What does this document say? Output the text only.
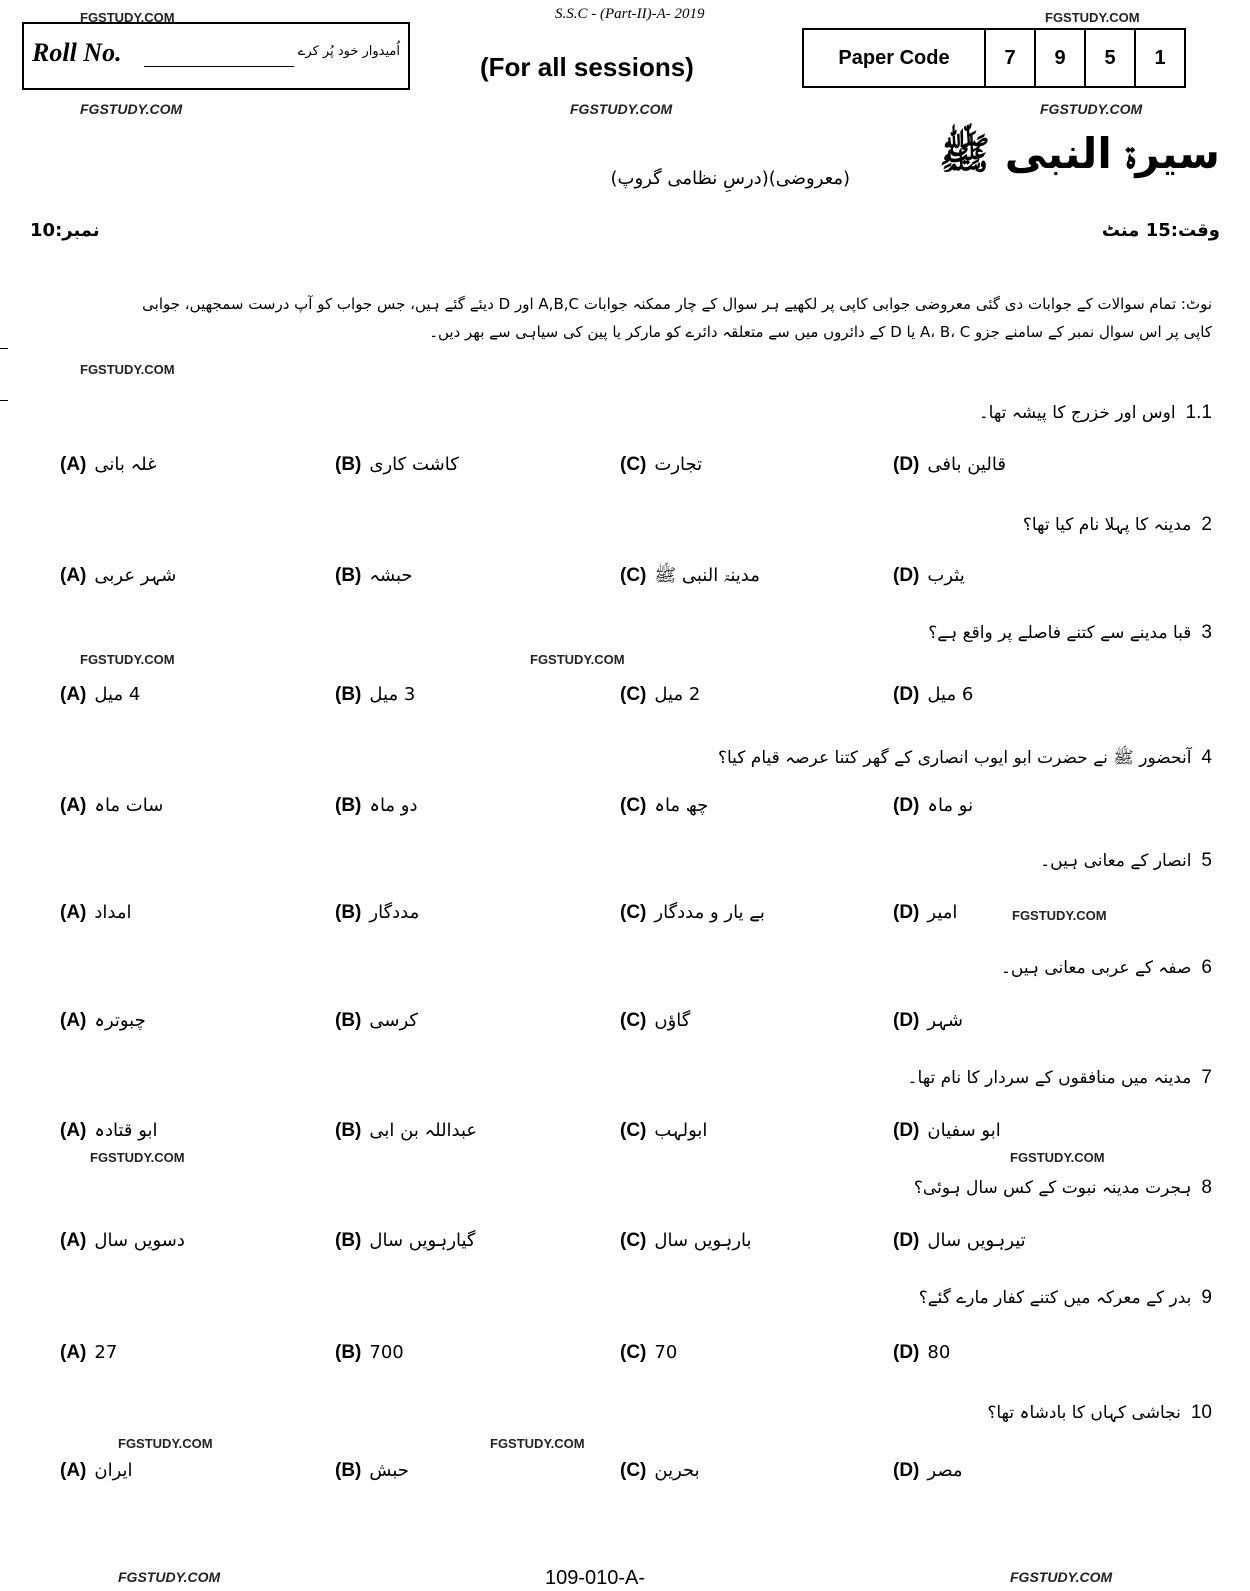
FGSTUDY.COM	FGSTUDY.COM
S.S.C - (Part-II)-A- 2019
Roll No.	اُمیدوار خود پُر کرے
(For all sessions)	Paper Code	7	9	5	1
FGSTUDY.COM	FGSTUDY.COM	FGSTUDY.COM
سیرۃ النبی ﷺ
(معروضی)(درسِ نظامی گروپ)
وقت:15 منٹ
نمبر:10
نوٹ: تمام سوالات کے جوابات دی گئی معروضی جوابی کاپی پر لکھیے ہر سوال کے چار ممکنہ جوابات A,B,C اور D دیئے گئے ہیں، جس جواب کو آپ درست سمجھیں، جوابی کاپی پر اس سوال نمبر کے سامنے جزو A، B، C یا D کے دائروں میں سے متعلقہ دائرے کو مارکر یا پین کی سیاہی سے بھر دیں۔
FGSTUDY.COM
1.1
اوس اور خزرج کا پیشہ تھا۔
(A) غلہ بانی	(B) کاشت کاری	(C) تجارت	(D) قالین بافی
2
مدینہ کا پہلا نام کیا تھا؟
(A) شہر عربی	(B) حبشہ	(C) مدینۃ النبی ﷺ	(D) یثرب
3
قبا مدینے سے کتنے فاصلے پر واقع ہے؟
(A) 4 میل	(B) 3 میل	(C) 2 میل	(D) 6 میل
4
آنحضور ﷺ نے حضرت ابو ایوب انصاری کے گھر کتنا عرصہ قیام کیا؟
(A) سات ماہ	(B) دو ماہ	(C) چھ ماہ	(D) نو ماہ
5
انصار کے معانی ہیں۔
(A) امداد	(B) مددگار	(C) بے یار و مددگار	(D) امیر
6
صفہ کے عربی معانی ہیں۔
(A) چبوترہ	(B) کرسی	(C) گاؤں	(D) شہر
7
مدینہ میں منافقوں کے سردار کا نام تھا۔
(A) ابو قتادہ	(B) عبداللہ بن ابی	(C) ابولہب	(D) ابو سفیان
8
ہجرت مدینہ نبوت کے کس سال ہوئی؟
(A) دسویں سال	(B) گیارہویں سال	(C) بارہویں سال	(D) تیرہویں سال
9
بدر کے معرکہ میں کتنے کفار مارے گئے؟
(A) 27	(B) 700	(C) 70	(D) 80
10
نجاشی کہاں کا بادشاہ تھا؟
(A) ایران	(B) حبش	(C) بحرین	(D) مصر
FGSTUDY.COM	FGSTUDY.COM
FGSTUDY.COM
FGSTUDY.COM	FGSTUDY.COM
FGSTUDY.COM	FGSTUDY.COM
FGSTUDY.COM	FGSTUDY.COM
109-010-A-
